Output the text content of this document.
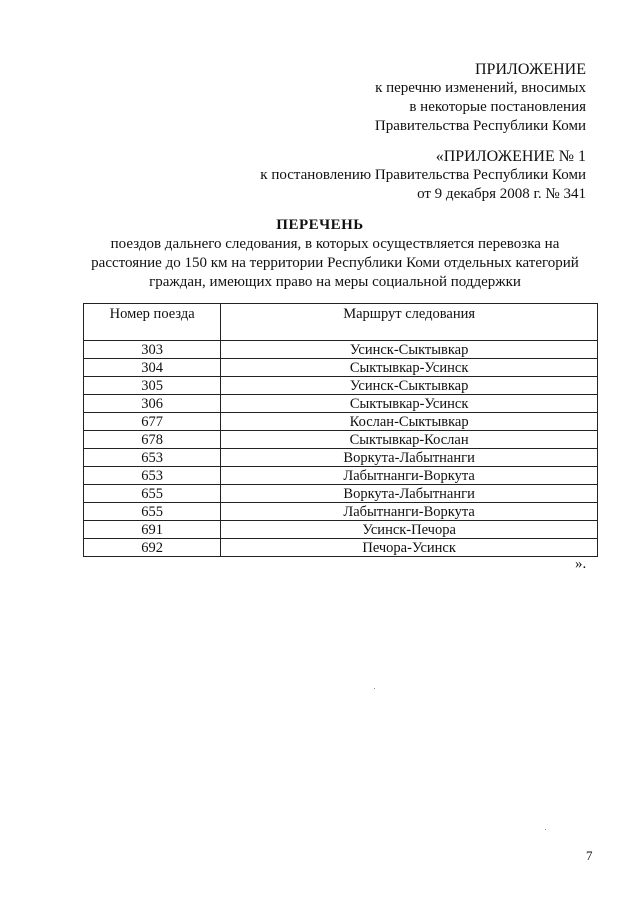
ПРИЛОЖЕНИЕ
к перечню изменений, вносимых
в некоторые постановления
Правительства Республики Коми
«ПРИЛОЖЕНИЕ № 1
к постановлению Правительства Республики Коми
от 9 декабря 2008 г. № 341
ПЕРЕЧЕНЬ
поездов дальнего следования, в которых осуществляется перевозка на
расстояние до 150 км на территории Республики Коми отдельных категорий
граждан, имеющих право на меры социальной поддержки
Номер поезда	Маршрут следования
303	Усинск-Сыктывкар
304	Сыктывкар-Усинск
305	Усинск-Сыктывкар
306	Сыктывкар-Усинск
677	Кослан-Сыктывкар
678	Сыктывкар-Кослан
653	Воркута-Лабытнанги
653	Лабытнанги-Воркута
655	Воркута-Лабытнанги
655	Лабытнанги-Воркута
691	Усинск-Печора
692	Печора-Усинск
».
7
